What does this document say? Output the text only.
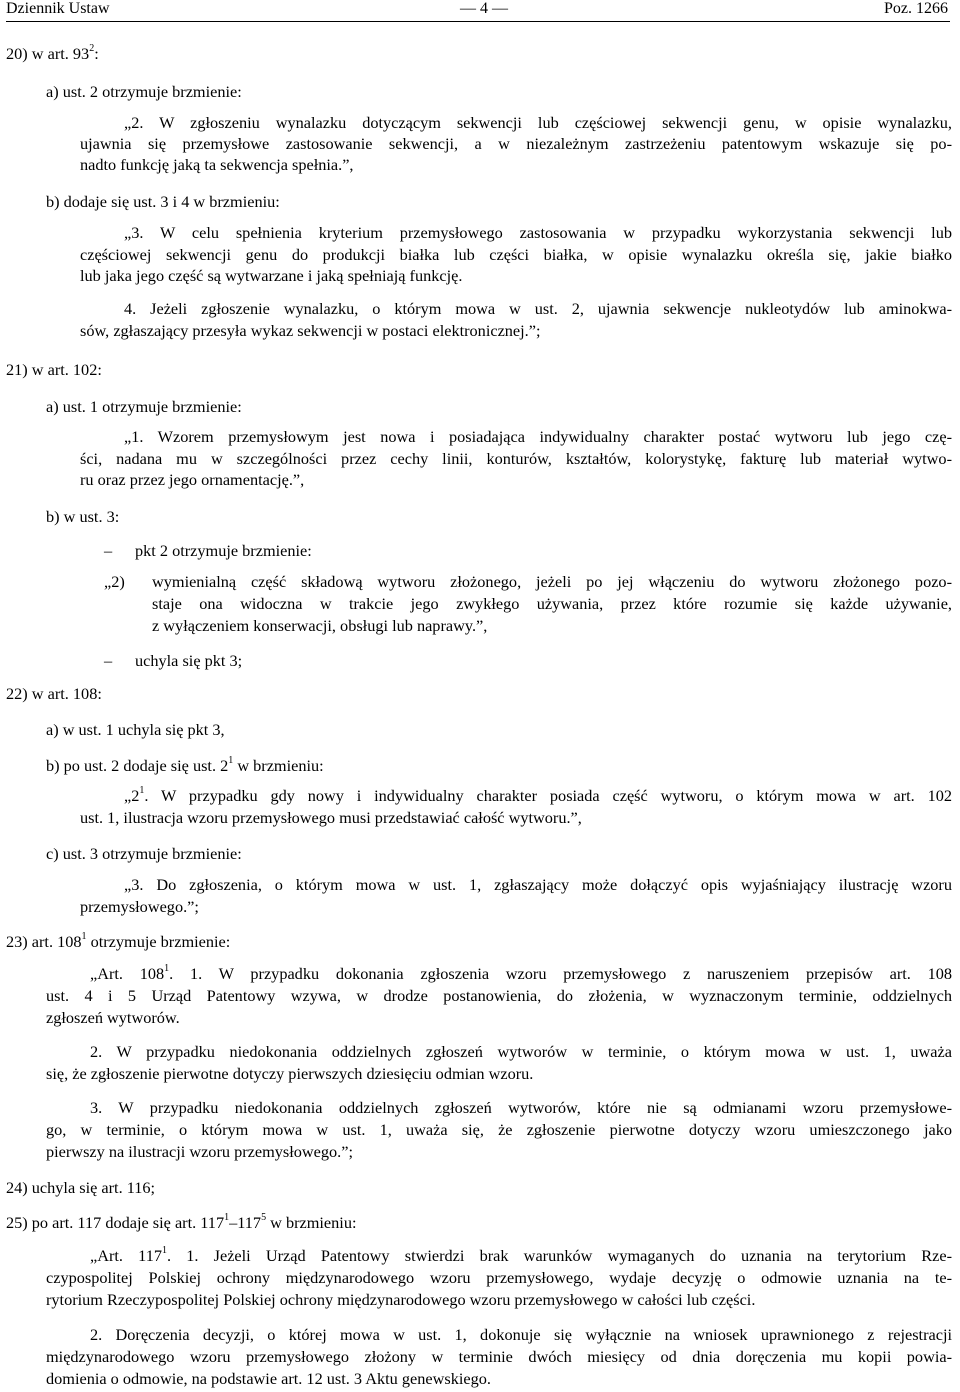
Dziennik Ustaw	— 4 —	Poz. 1266
20) w art. $93^2$:
a) ust. 2 otrzymuje brzmienie:
„2. W zgłoszeniu wynalazku dotyczącym sekwencji lub częściowej sekwencji genu, w opisie wynalazku,
ujawnia się przemysłowe zastosowanie sekwencji, a w niezależnym zastrzeżeniu patentowym wskazuje się po-
nadto funkcję jaką ta sekwencja spełnia.”,
b) dodaje się ust. 3 i 4 w brzmieniu:
„3. W celu spełnienia kryterium przemysłowego zastosowania w przypadku wykorzystania sekwencji lub
częściowej sekwencji genu do produkcji białka lub części białka, w opisie wynalazku określa się, jakie białko
lub jaka jego część są wytwarzane i jaką spełniają funkcję.
4. Jeżeli zgłoszenie wynalazku, o którym mowa w ust. 2, ujawnia sekwencje nukleotydów lub aminokwa-
sów, zgłaszający przesyła wykaz sekwencji w postaci elektronicznej.”;
21) w art. 102:
a) ust. 1 otrzymuje brzmienie:
„1. Wzorem przemysłowym jest nowa i posiadająca indywidualny charakter postać wytworu lub jego czę-
ści, nadana mu w szczególności przez cechy linii, konturów, kształtów, kolorystykę, fakturę lub materiał wytwo-
ru oraz przez jego ornamentację.”,
b) w ust. 3:
– pkt 2 otrzymuje brzmienie:
„2) wymienialną część składową wytworu złożonego, jeżeli po jej włączeniu do wytworu złożonego pozo-
staje ona widoczna w trakcie jego zwykłego używania, przez które rozumie się każde używanie,
z wyłączeniem konserwacji, obsługi lub naprawy.”,
– uchyla się pkt 3;
22) w art. 108:
a) w ust. 1 uchyla się pkt 3,
b) po ust. 2 dodaje się ust. $2^1$ w brzmieniu:
$„2^1$. W przypadku gdy nowy i indywidualny charakter posiada część wytworu, o którym mowa w art. 102
ust. 1, ilustracja wzoru przemysłowego musi przedstawiać całość wytworu.”,
c) ust. 3 otrzymuje brzmienie:
„3. Do zgłoszenia, o którym mowa w ust. 1, zgłaszający może dołączyć opis wyjaśniający ilustrację wzoru
przemysłowego.”;
23) art. $108^1$ otrzymuje brzmienie:
„Art. $108^1$. 1. W przypadku dokonania zgłoszenia wzoru przemysłowego z naruszeniem przepisów art. 108
ust. 4 i 5 Urząd Patentowy wzywa, w drodze postanowienia, do złożenia, w wyznaczonym terminie, oddzielnych
zgłoszeń wytworów.
2. W przypadku niedokonania oddzielnych zgłoszeń wytworów w terminie, o którym mowa w ust. 1, uważa
się, że zgłoszenie pierwotne dotyczy pierwszych dziesięciu odmian wzoru.
3. W przypadku niedokonania oddzielnych zgłoszeń wytworów, które nie są odmianami wzoru przemysłowe-
go, w terminie, o którym mowa w ust. 1, uważa się, że zgłoszenie pierwotne dotyczy wzoru umieszczonego jako
pierwszy na ilustracji wzoru przemysłowego.”;
24) uchyla się art. 116;
25) po art. 117 dodaje się art. $117^1-117^5$ w brzmieniu:
„Art. $117^1$. 1. Jeżeli Urząd Patentowy stwierdzi brak warunków wymaganych do uznania na terytorium Rze-
czypospolitej Polskiej ochrony międzynarodowego wzoru przemysłowego, wydaje decyzję o odmowie uznania na te-
rytorium Rzeczypospolitej Polskiej ochrony międzynarodowego wzoru przemysłowego w całości lub części.
2. Doręczenia decyzji, o której mowa w ust. 1, dokonuje się wyłącznie na wniosek uprawnionego z rejestracji
międzynarodowego wzoru przemysłowego złożony w terminie dwóch miesięcy od dnia doręczenia mu kopii powia-
domienia o odmowie, na podstawie art. 12 ust. 3 Aktu genewskiego.
